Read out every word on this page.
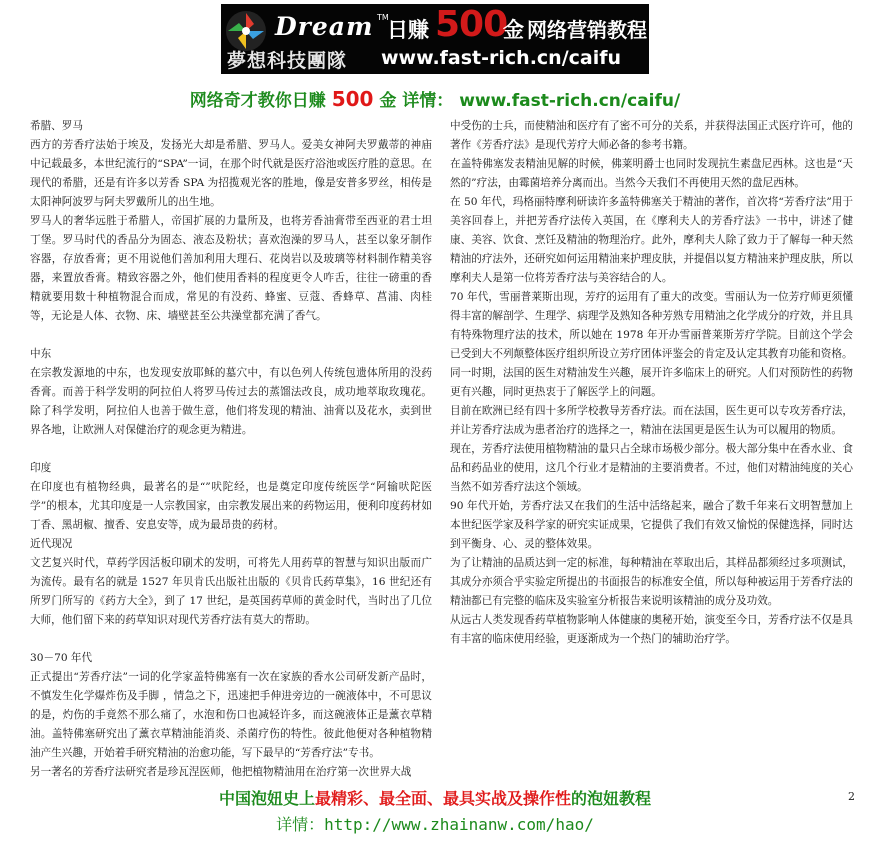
Dream TM
日赚 500
金 网络营销教程
夢想科技團隊 www.fast-rich.cn/caifu
网络奇才教你日赚 500 金 详情： www.fast-rich.cn/caifu/

希腊、罗马

西方的芳香疗法始于埃及，发扬光大却是希腊、罗马人。爱美女神阿夫罗戴蒂的神庙中记载最多，本世纪流行的“SPA”一词，在那个时代就是医疗浴池或医疗胜的意思。在现代的希腊，还是有许多以芳香 SPA 为招揽观光客的胜地，像是安普多罗丝，相传是太阳神阿波罗与阿夫罗戴所儿的出生地。

罗马人的奢华远胜于希腊人，帝国扩展的力量所及，也将芳香油膏带至西亚的君士坦丁堡。罗马时代的香品分为固态、液态及粉状；喜欢泡澡的罗马人，甚至以象牙制作容器，存放香膏；更不用说他们善加利用大理石、花岗岩以及玻璃等材料制作精美容器，来置放香膏。精致容器之外，他们使用香料的程度更令人咋舌，往往一磅重的香精就要用数十种植物混合而成，常见的有没药、蜂蜜、豆蔻、香蜂草、菖浦、肉桂等，无论是人体、衣物、床、墙壁甚至公共澡堂都充满了香气。

中东

在宗教发源地的中东，也发现安放耶稣的墓穴中，有以色列人传统包遗体所用的没药香膏。而善于科学发明的阿拉伯人将罗马传过去的蒸馏法改良，成功地萃取玫瑰花。除了科学发明，阿拉伯人也善于做生意，他们将发现的精油、油膏以及花水，卖到世界各地，让欧洲人对保健治疗的观念更为精进。

印度

在印度也有植物经典，最著名的是“”吠陀经，也是奠定印度传统医学“阿输吠陀医学”的根本，尤其印度是一人宗教国家，由宗教发展出来的药物运用，便利印度药材如丁香、黑胡椒、擅香、安息安等，成为最昂贵的药材。

近代现况

文艺复兴时代，草药学因活板印刷术的发明，可将先人用药草的智慧与知识出版而广为流传。最有名的就是 1527 年贝肯氏出版社出版的《贝肯氏药草集》，16 世纪还有所罗门所写的《药方大全》，到了 17 世纪，是英国药草师的黄金时代，当时出了几位大师，他们留下来的药草知识对现代芳香疗法有莫大的帮助。

30－70 年代

正式提出“芳香疗法”一词的化学家盖特佛塞有一次在家族的香水公司研发新产品时，不慎发生化学爆炸伤及手脚 ，情急之下，迅速把手伸进旁边的一碗液体中，不可思议的是，灼伤的手竟然不那么痛了，水泡和伤口也减轻许多，而这碗液体正是薰衣草精油。盖特佛塞研究出了薰衣草精油能消炎、杀菌疗伤的特性。彼此他便对各种植物精油产生兴趣，开始着手研究精油的治愈功能，写下最早的“芳香疗法”专书。

另一著名的芳香疗法研究者是珍瓦涅医师，他把植物精油用在治疗第一次世界大战

中受伤的士兵，而使精油和医疗有了密不可分的关系，并获得法国正式医疗许可，他的著作《芳香疗法》是现代芳疗大师必备的参考书籍。

在盖特佛塞发表精油见解的时候，佛莱明爵士也同时发现抗生素盘尼西林。这也是“天然的”疗法，由霉菌培养分离而出。当然今天我们不再使用天然的盘尼西林。

在 50 年代，玛格丽特摩利研读许多盖特佛塞关于精油的著作，首次将“芳香疗法”用于美容回春上，并把芳香疗法传入英国，在《摩利夫人的芳香疗法》一书中，讲述了健康、美容、饮食、烹饪及精油的物理治疗。此外，摩利夫人除了致力于了解每一种天然精油的疗法外，还研究如何运用精油来护理皮肤，并提倡以复方精油来护理皮肤，所以摩利夫人是第一位将芳香疗法与美容结合的人。

70 年代，雪丽普莱斯出现，芳疗的运用有了重大的改变。雪丽认为一位芳疗师更须懂得丰富的解剖学、生理学、病理学及熟知各种芳熟专用精油之化学成分的疗效，并且具有特殊物理疗法的技术，所以她在 1978 年开办雪丽普莱斯芳疗学院。目前这个学会已受到大不列颠整体医疗组织所设立芳疗团体评鉴会的肯定及认定其教育功能和资格。

同一时期，法国的医生对精油发生兴趣，展开许多临床上的研究。人们对预防性的药物更有兴趣，同时更热衷于了解医学上的问题。

目前在欧洲已经有四十多所学校教导芳香疗法。而在法国，医生更可以专攻芳香疗法，并让芳香疗法成为患者治疗的选择之一，精油在法国更是医生认为可以履用的物质。

现在，芳香疗法使用植物精油的量只占全球市场极少部分。极大部分集中在香水业、食品和药品业的使用，这几个行业才是精油的主要消费者。不过，他们对精油纯度的关心当然不如芳香疗法这个领域。

90 年代开始，芳香疗法又在我们的生活中活络起来，融合了数千年来石文明智慧加上本世纪医学家及科学家的研究实证成果，它提供了我们有效又愉悦的保健选择，同时达到平衡身、心、灵的整体效果。

为了让精油的品质达到一定的标准，每种精油在萃取出后，其样品都须经过多项测试，其成分亦须合乎实验定所提出的书面报告的标准安全值，所以每种被运用于芳香疗法的精油都已有完整的临床及实验室分析报告来说明该精油的成分及功效。

从远古人类发现香药草植物影响人体健康的奥秘开始，演变至今日，芳香疗法不仅是具有丰富的临床使用经验，更逐渐成为一个热门的辅助治疗学。

2
中国泡妞史上最精彩、最全面、最具实战及操作性的泡妞教程
详情：http://www.zhainanw.com/hao/
